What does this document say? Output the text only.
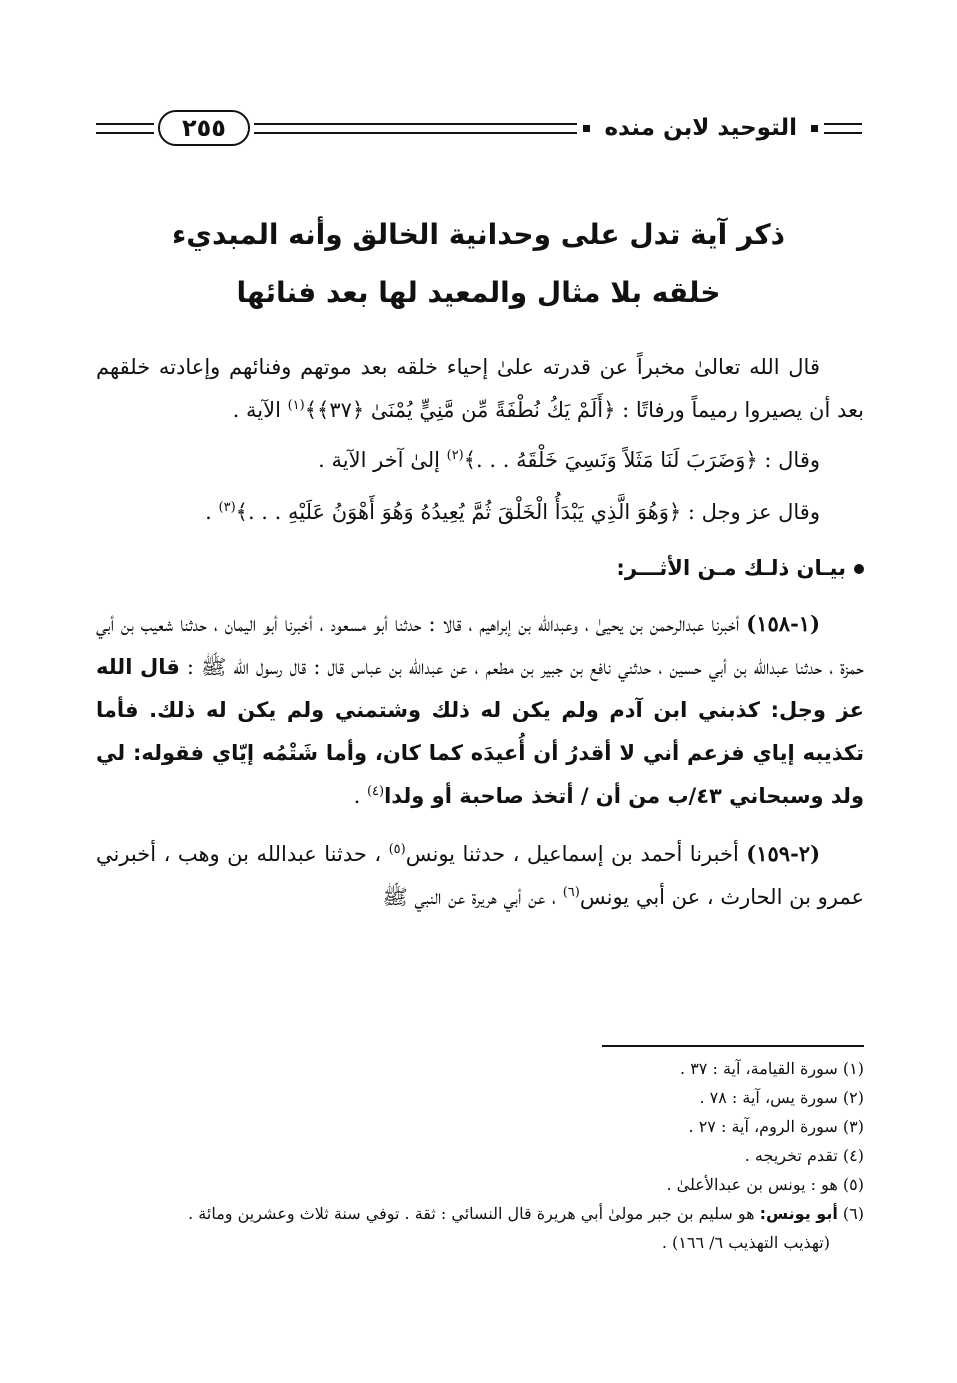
التوحيد لابن منده
٢٥٥
ذكر آية تدل على وحدانية الخالق وأنه المبديء
خلقه بلا مثال والمعيد لها بعد فنائها

قال الله تعالىٰ مخبراً عن قدرته علىٰ إحياء خلقه بعد موتهم وفنائهم وإعادته خلقهم بعد أن يصيروا رميماً ورفاتًا : ﴿أَلَمْ يَكُ نُطْفَةً مِّن مَّنِيٍّ يُمْنَىٰ ﴿٣٧﴾﴾$^{(١)}$ الآية .

وقال : ﴿وَضَرَبَ لَنَا مَثَلاً وَنَسِيَ خَلْقَهُ . . .﴾$^{(٢)}$ إلىٰ آخر الآية .

وقال عز وجل : ﴿وَهُوَ الَّذِي يَبْدَأُ الْخَلْقَ ثُمَّ يُعِيدُهُ وَهُوَ أَهْوَنُ عَلَيْهِ . . .﴾$^{(٣)}$ .

بيـان ذلـك مـن الأثـــر:

(١-١٥٨) أخبرنا عبدالرحمن بن يحيىٰ ، وعبدالله بن إبراهيم ، قالا : حدثنا أبو مسعود ، أخبرنا أبو اليمان ، حدثنا شعيب بن أبي حمزة ، حدثنا عبدالله بن أبي حسين ، حدثني نافع بن جبير بن مطعم ، عن عبدالله بن عباس قال : قال رسول الله ﷺ : قال الله عز وجل: كذبني ابن آدم ولم يكن له ذلك وشتمني ولم يكن له ذلك. فأما تكذيبه إياي فزعم أني لا أقدرُ أن أُعيدَه كما كان، وأما شَتْمُه إيّاي فقوله: لي ولد وسبحاني ٤٣/ب من أن / أتخذ صاحبة أو ولدا$^{(٤)}$ .

(٢-١٥٩) أخبرنا أحمد بن إسماعيل ، حدثنا يونس$^{(٥)}$ ، حدثنا عبدالله بن وهب ، أخبرني عمرو بن الحارث ، عن أبي يونس$^{(٦)}$ ، عن أبي هريرة عن النبي ﷺ

(١) سورة القيامة، آية : ٣٧ .

(٢) سورة يس، آية : ٧٨ .

(٣) سورة الروم، آية : ٢٧ .

(٤) تقدم تخريجه .

(٥) هو : يونس بن عبدالأعلىٰ .

(٦) أبو يونس: هو سليم بن جبر مولىٰ أبي هريرة قال النسائي : ثقة . توفي سنة ثلاث وعشرين ومائة .

(تهذيب التهذيب ٦/ ١٦٦) .
